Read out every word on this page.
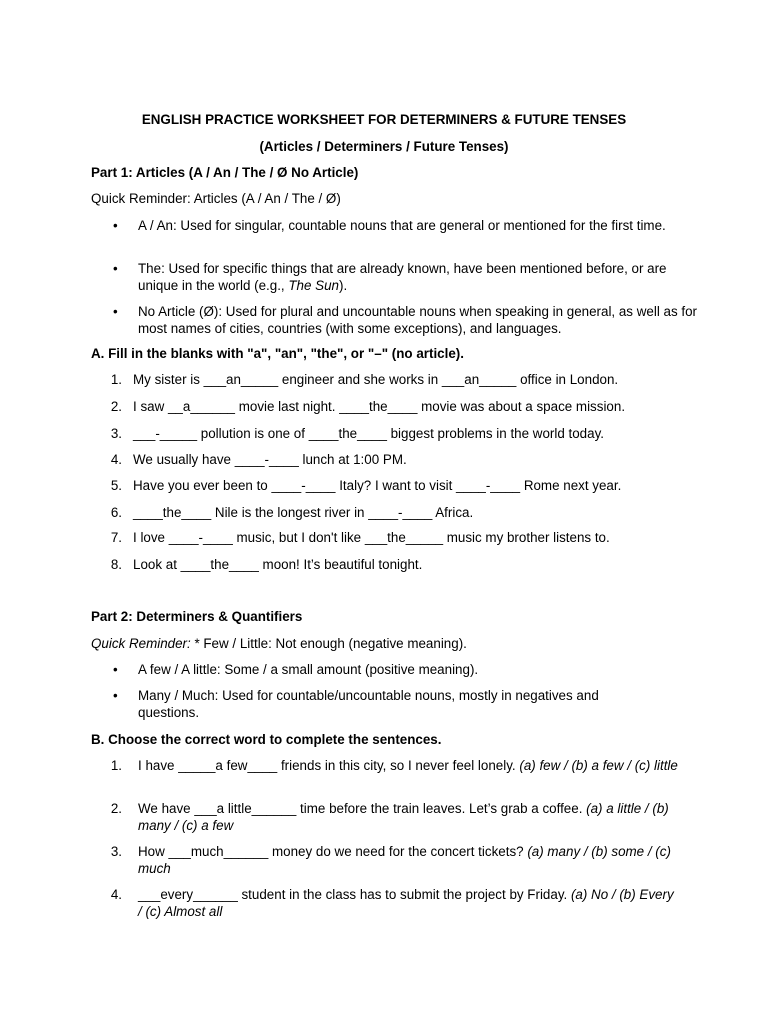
ENGLISH PRACTICE WORKSHEET FOR DETERMINERS & FUTURE TENSES
(Articles / Determiners / Future Tenses)
Part 1: Articles (A / An / The / Ø No Article)
Quick Reminder: Articles (A / An / The / Ø)
• A / An: Used for singular, countable nouns that are general or mentioned for the first time.
• The: Used for specific things that are already known, have been mentioned before, or are unique in the world (e.g., The Sun).
• No Article (Ø): Used for plural and uncountable nouns when speaking in general, as well as for most names of cities, countries (with some exceptions), and languages.
A. Fill in the blanks with "a", "an", "the", or "–" (no article).
1. My sister is ___an_____ engineer and she works in ___an_____ office in London.
2. I saw __a______ movie last night. ____the____ movie was about a space mission.
3. ___-_____ pollution is one of ____the____ biggest problems in the world today.
4. We usually have ____-____ lunch at 1:00 PM.
5. Have you ever been to ____-____ Italy? I want to visit ____-____ Rome next year.
6. ____the____ Nile is the longest river in ____-____ Africa.
7. I love ____-____ music, but I don't like ___the_____ music my brother listens to.
8. Look at ____the____ moon! It’s beautiful tonight.
Part 2: Determiners & Quantifiers
Quick Reminder: * Few / Little: Not enough (negative meaning).
• A few / A little: Some / a small amount (positive meaning).
• Many / Much: Used for countable/uncountable nouns, mostly in negatives and questions.
B. Choose the correct word to complete the sentences.
1. I have _____a few____ friends in this city, so I never feel lonely. (a) few / (b) a few / (c) little
2. We have ___a little______ time before the train leaves. Let’s grab a coffee. (a) a little / (b) many / (c) a few
3. How ___much______ money do we need for the concert tickets? (a) many / (b) some / (c) much
4. ___every______ student in the class has to submit the project by Friday. (a) No / (b) Every / (c) Almost all
